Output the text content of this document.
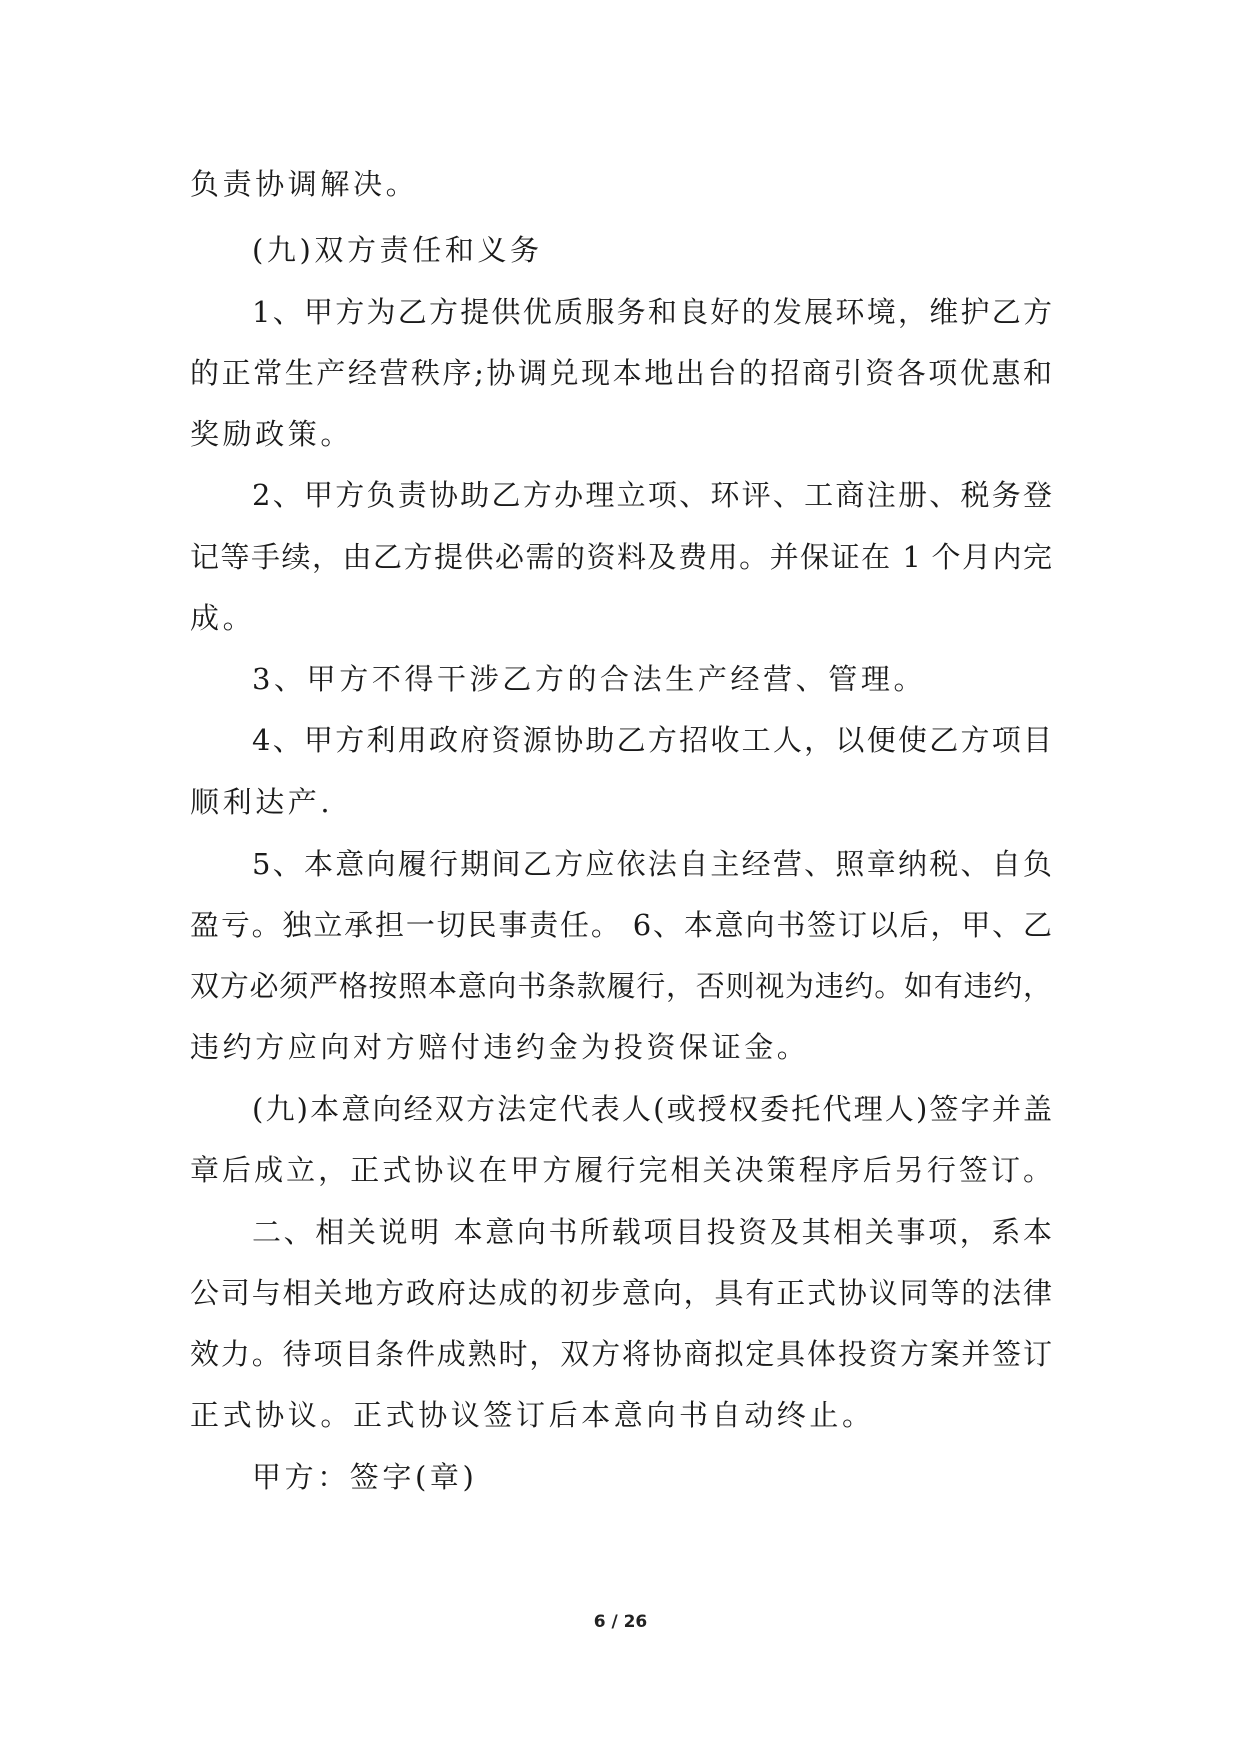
负责协调解决。
(九)双方责任和义务
1、甲方为乙方提供优质服务和良好的发展环境，维护乙方
的正常生产经营秩序;协调兑现本地出台的招商引资各项优惠和
奖励政策。
2、甲方负责协助乙方办理立项、环评、工商注册、税务登
记等手续，由乙方提供必需的资料及费用。并保证在 1 个月内完
成。
3、甲方不得干涉乙方的合法生产经营、管理。
4、甲方利用政府资源协助乙方招收工人，以便使乙方项目
顺利达产.
5、本意向履行期间乙方应依法自主经营、照章纳税、自负
盈亏。独立承担一切民事责任。 6、本意向书签订以后，甲、乙
双方必须严格按照本意向书条款履行，否则视为违约。如有违约，
违约方应向对方赔付违约金为投资保证金。
(九)本意向经双方法定代表人(或授权委托代理人)签字并盖
章后成立，正式协议在甲方履行完相关决策程序后另行签订。
二、相关说明 本意向书所载项目投资及其相关事项，系本
公司与相关地方政府达成的初步意向，具有正式协议同等的法律
效力。待项目条件成熟时，双方将协商拟定具体投资方案并签订
正式协议。正式协议签订后本意向书自动终止。
甲方：签字(章)
6 / 26
